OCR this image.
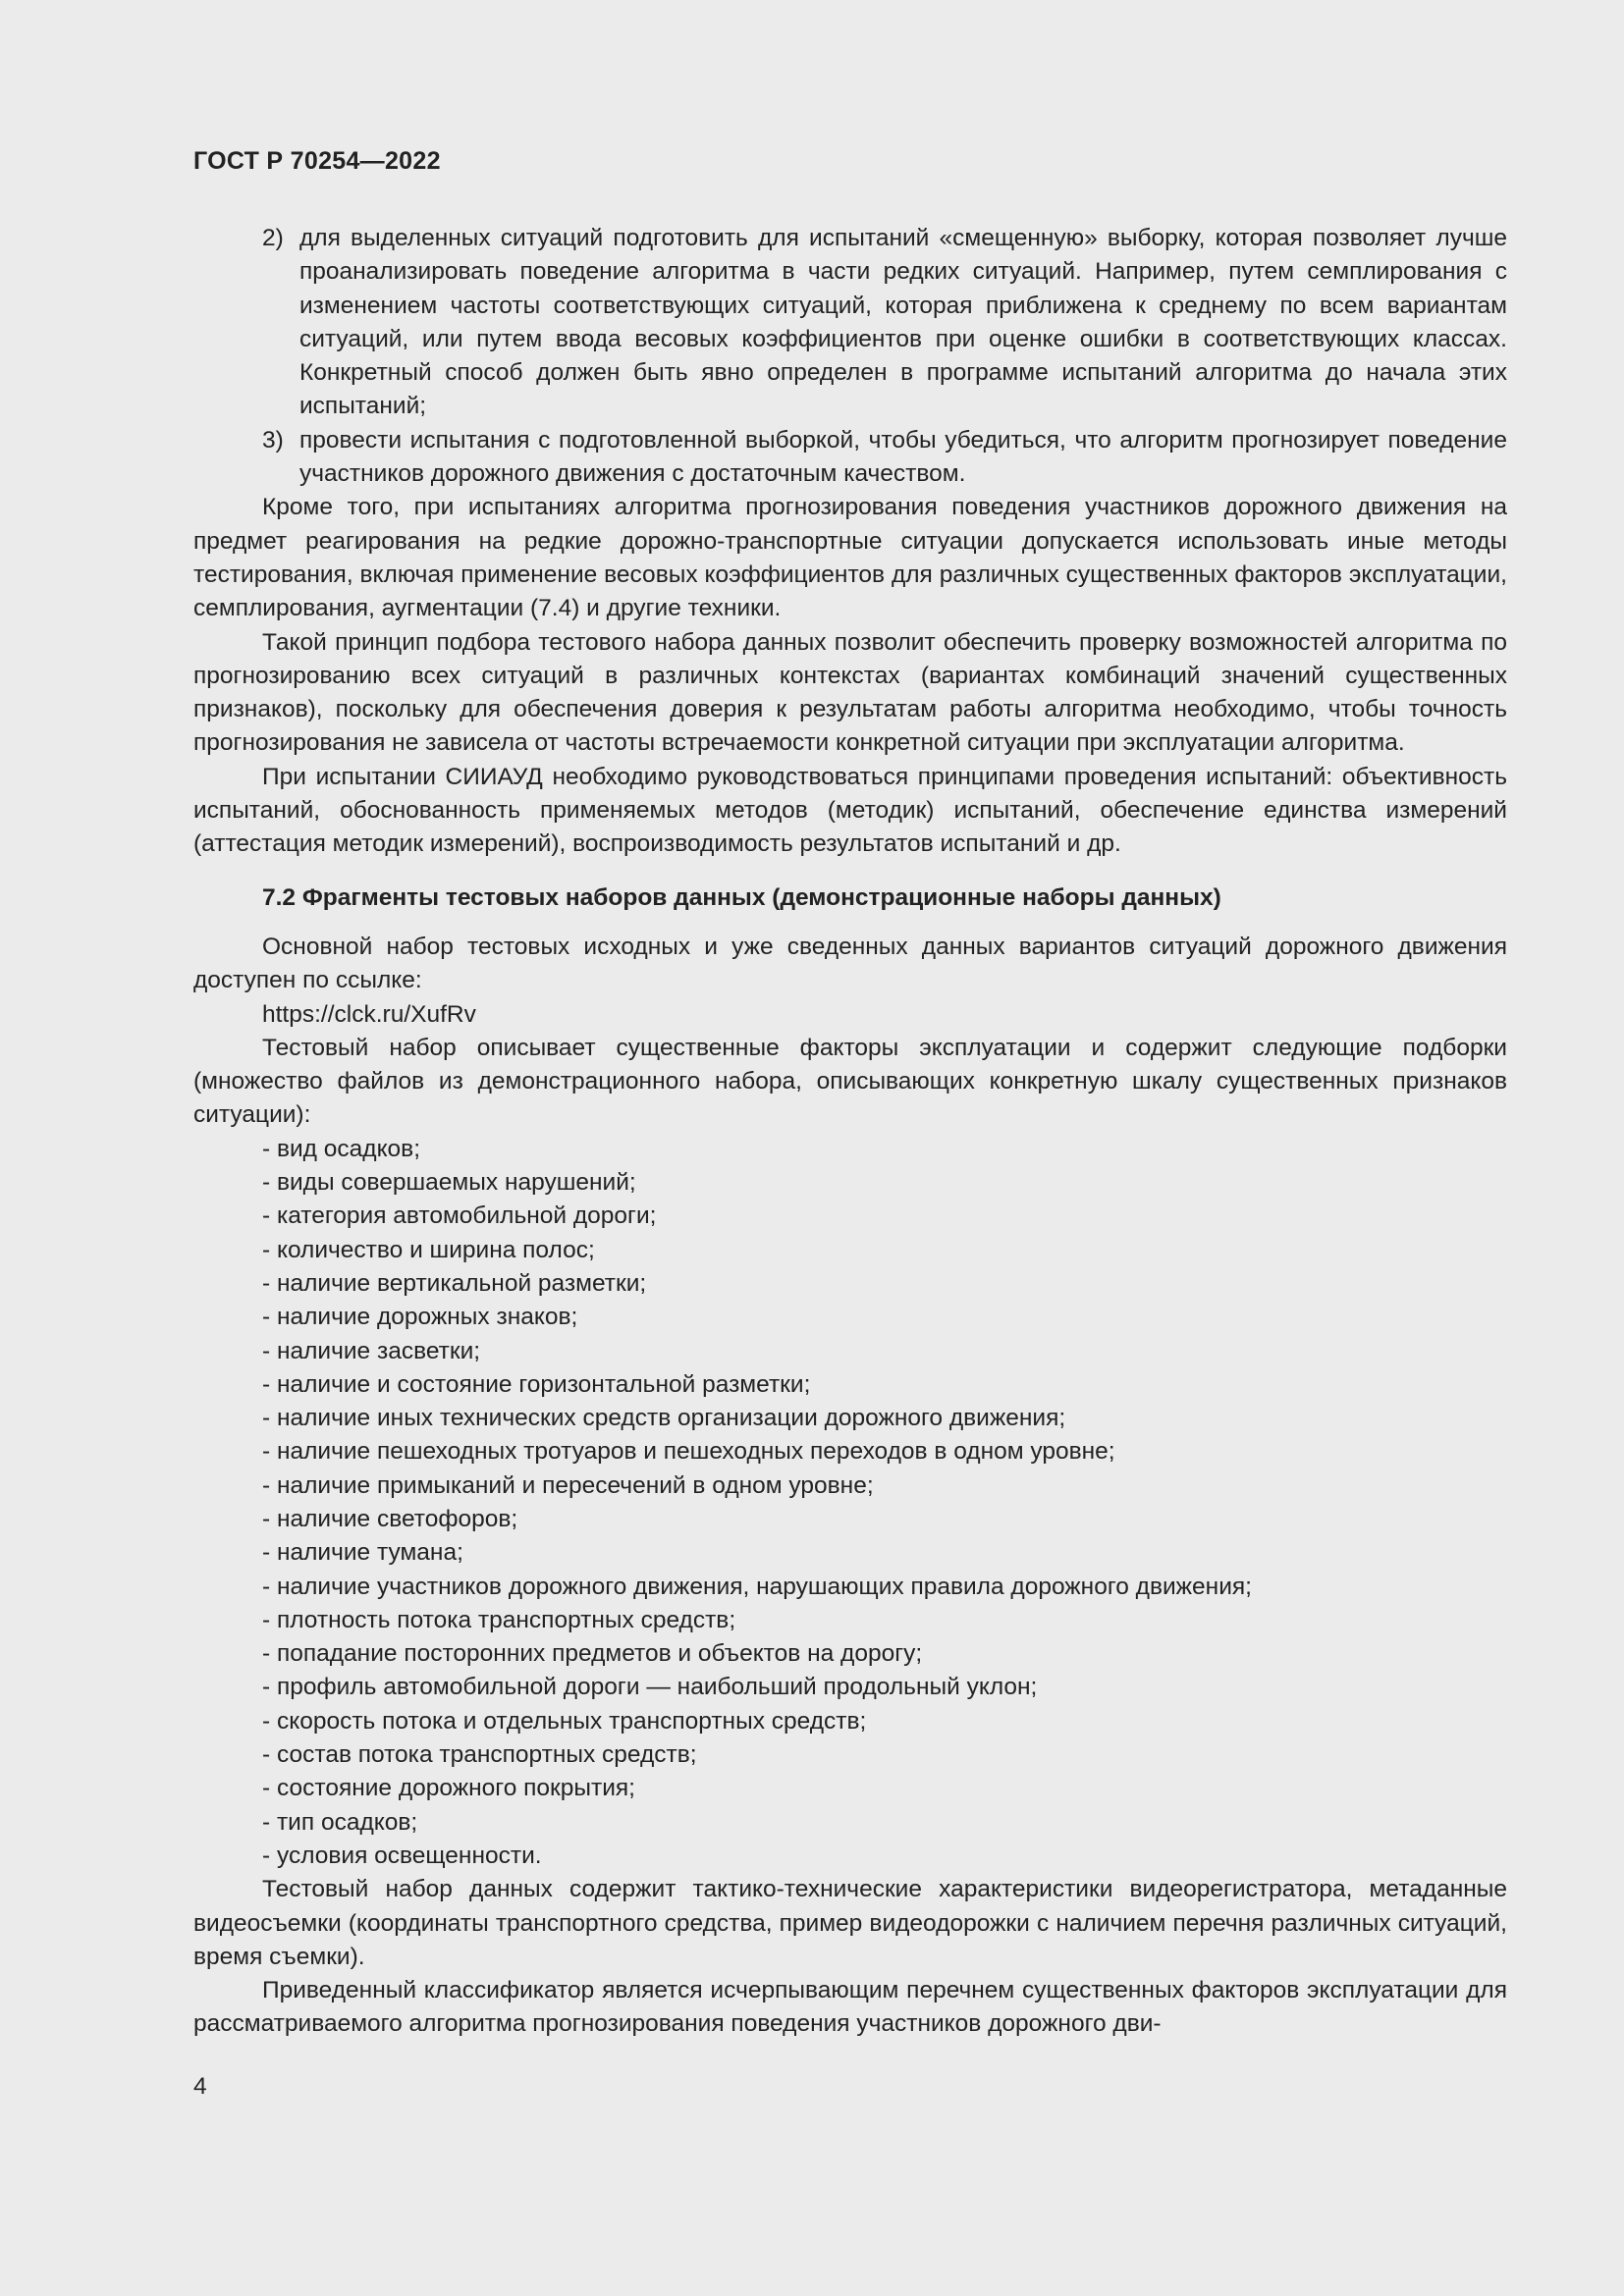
ГОСТ Р 70254—2022

2) для выделенных ситуаций подготовить для испытаний «смещенную» выборку, которая позволяет лучше проанализировать поведение алгоритма в части редких ситуаций. Например, путем семплирования с изменением частоты соответствующих ситуаций, которая приближена к среднему по всем вариантам ситуаций, или путем ввода весовых коэффициентов при оценке ошибки в соответствующих классах. Конкретный способ должен быть явно определен в программе испытаний алгоритма до начала этих испытаний;

3) провести испытания с подготовленной выборкой, чтобы убедиться, что алгоритм прогнозирует поведение участников дорожного движения с достаточным качеством.

Кроме того, при испытаниях алгоритма прогнозирования поведения участников дорожного движения на предмет реагирования на редкие дорожно-транспортные ситуации допускается использовать иные методы тестирования, включая применение весовых коэффициентов для различных существенных факторов эксплуатации, семплирования, аугментации (7.4) и другие техники.

Такой принцип подбора тестового набора данных позволит обеспечить проверку возможностей алгоритма по прогнозированию всех ситуаций в различных контекстах (вариантах комбинаций значений существенных признаков), поскольку для обеспечения доверия к результатам работы алгоритма необходимо, чтобы точность прогнозирования не зависела от частоты встречаемости конкретной ситуации при эксплуатации алгоритма.

При испытании СИИАУД необходимо руководствоваться принципами проведения испытаний: объективность испытаний, обоснованность применяемых методов (методик) испытаний, обеспечение единства измерений (аттестация методик измерений), воспроизводимость результатов испытаний и др.

7.2 Фрагменты тестовых наборов данных (демонстрационные наборы данных)

Основной набор тестовых исходных и уже сведенных данных вариантов ситуаций дорожного движения доступен по ссылке:

https://clck.ru/XufRv

Тестовый набор описывает существенные факторы эксплуатации и содержит следующие подборки (множество файлов из демонстрационного набора, описывающих конкретную шкалу существенных признаков ситуации):

- вид осадков;
- виды совершаемых нарушений;
- категория автомобильной дороги;
- количество и ширина полос;
- наличие вертикальной разметки;
- наличие дорожных знаков;
- наличие засветки;
- наличие и состояние горизонтальной разметки;
- наличие иных технических средств организации дорожного движения;
- наличие пешеходных тротуаров и пешеходных переходов в одном уровне;
- наличие примыканий и пересечений в одном уровне;
- наличие светофоров;
- наличие тумана;
- наличие участников дорожного движения, нарушающих правила дорожного движения;
- плотность потока транспортных средств;
- попадание посторонних предметов и объектов на дорогу;
- профиль автомобильной дороги — наибольший продольный уклон;
- скорость потока и отдельных транспортных средств;
- состав потока транспортных средств;
- состояние дорожного покрытия;
- тип осадков;
- условия освещенности.

Тестовый набор данных содержит тактико-технические характеристики видеорегистратора, метаданные видеосъемки (координаты транспортного средства, пример видеодорожки с наличием перечня различных ситуаций, время съемки).

Приведенный классификатор является исчерпывающим перечнем существенных факторов эксплуатации для рассматриваемого алгоритма прогнозирования поведения участников дорожного дви-

4
